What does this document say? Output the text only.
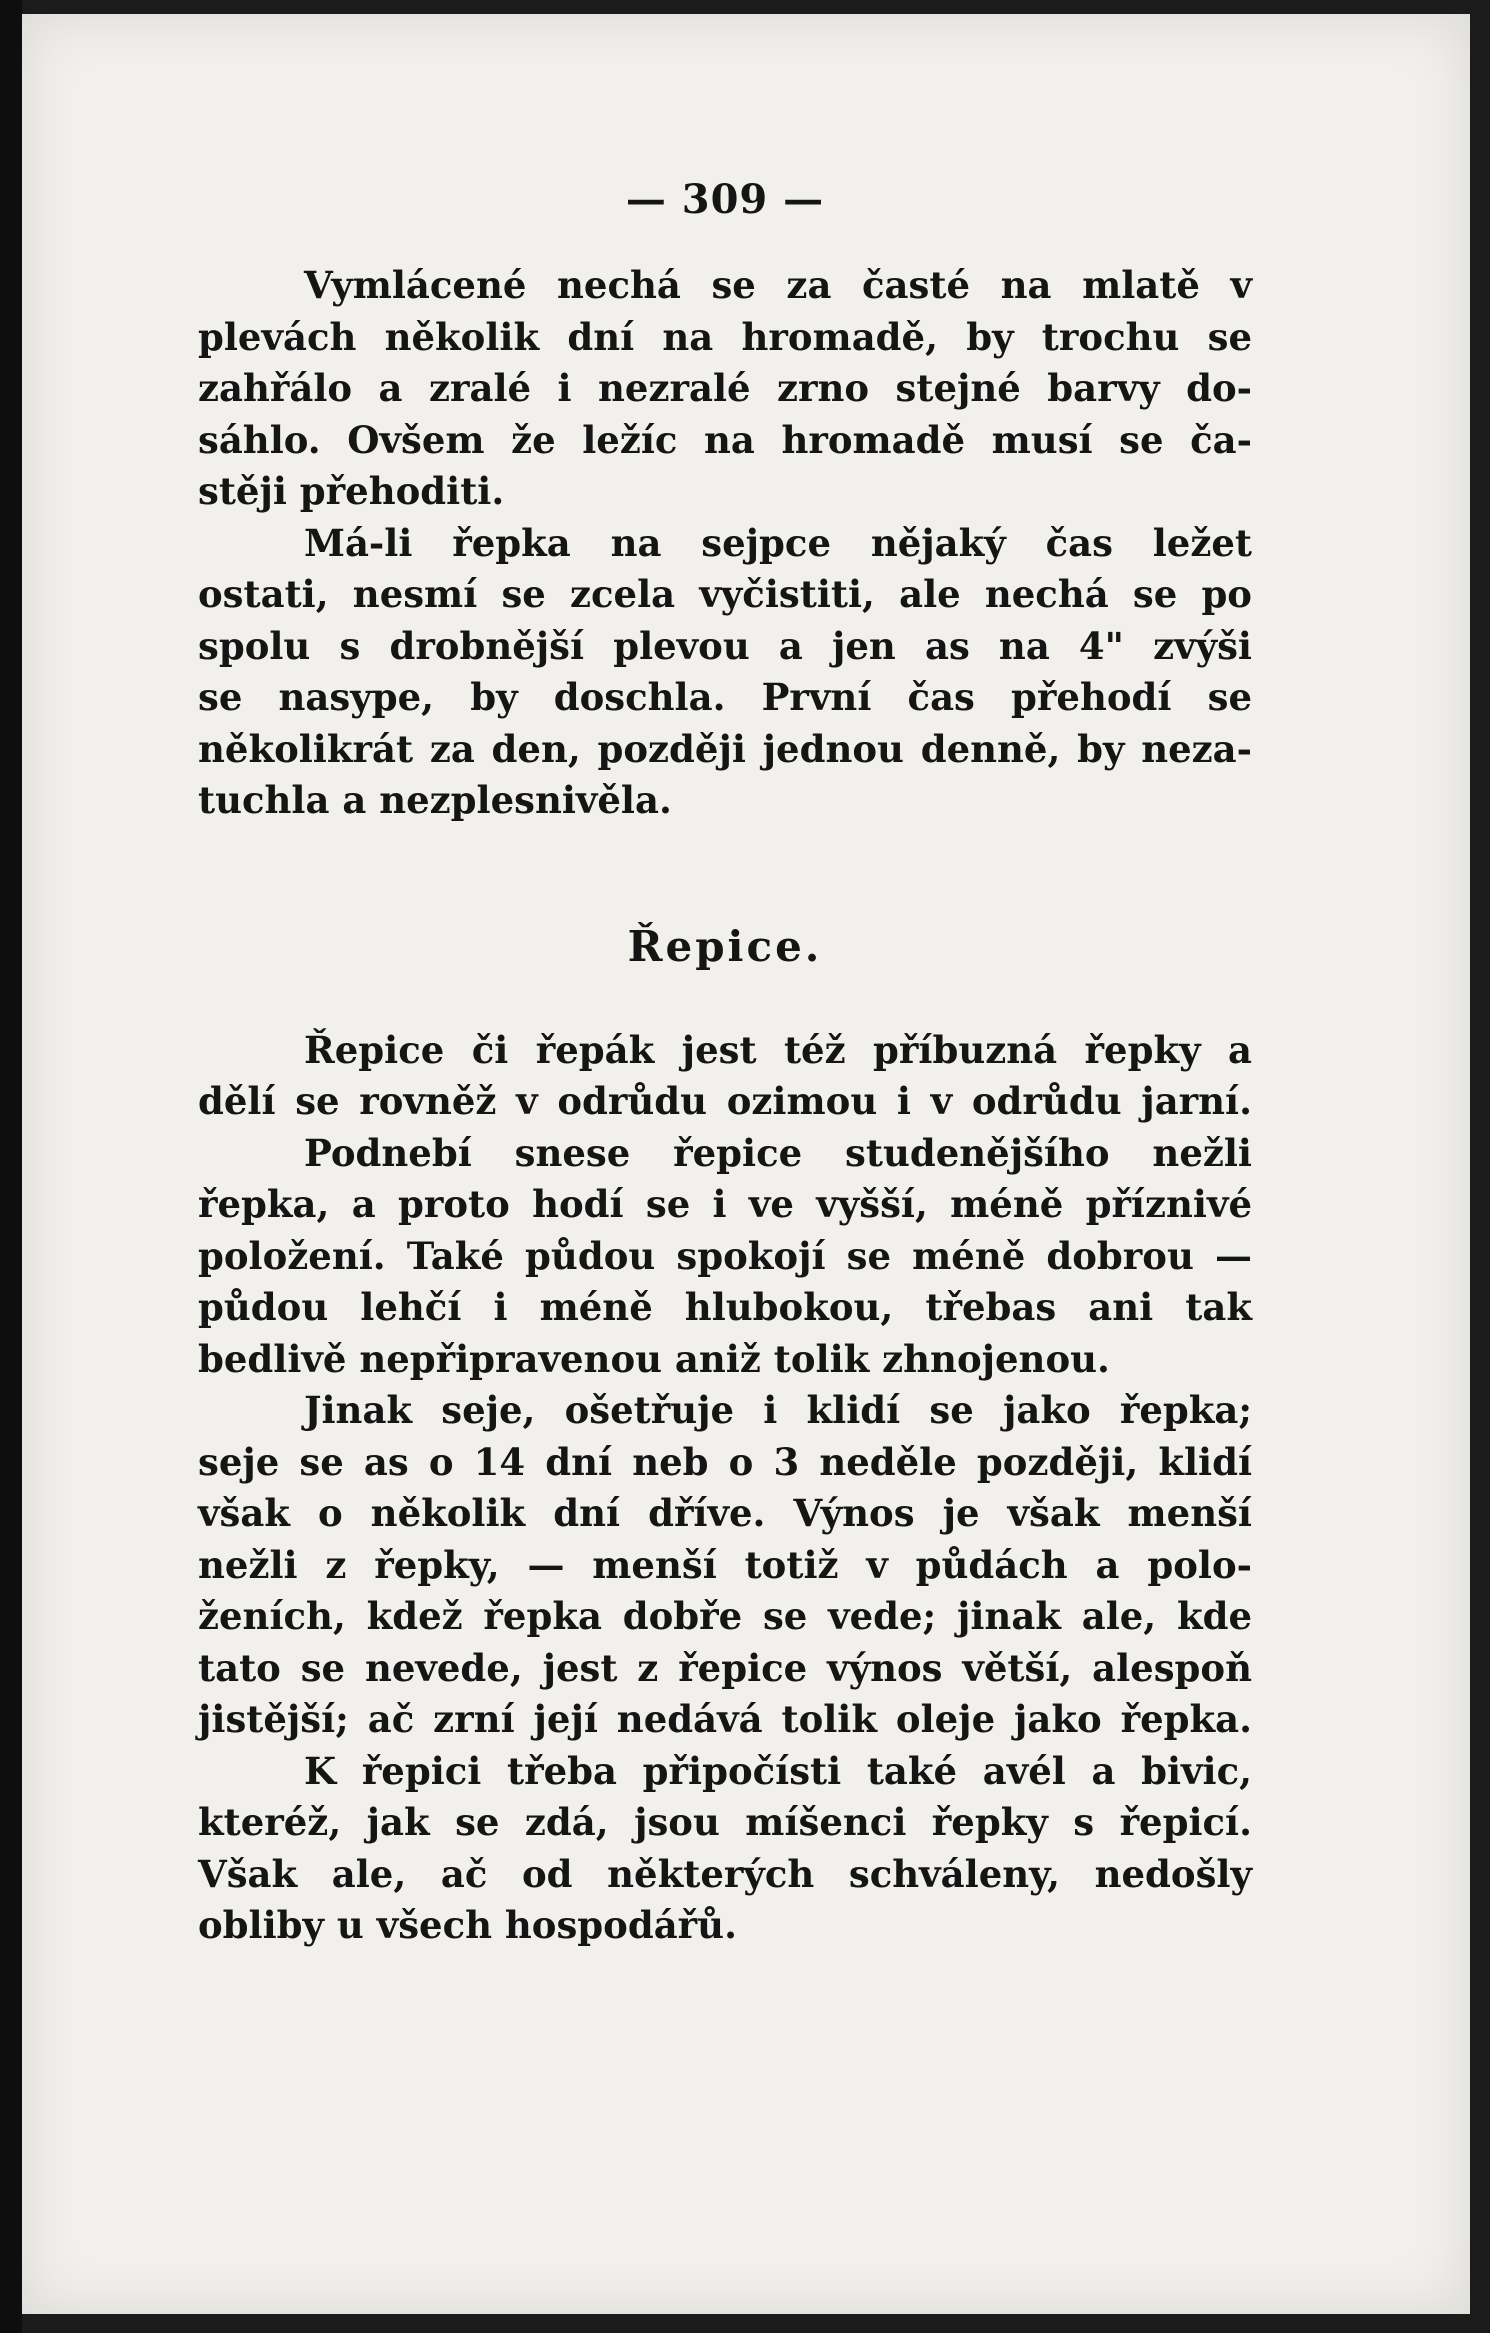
— 309 —
Vymlácené nechá se za časté na mlatě v
plevách několik dní na hromadě, by trochu se
zahřálo a zralé i nezralé zrno stejné barvy do-
sáhlo. Ovšem že ležíc na hromadě musí se ča-
stěji přehoditi.
Má-li řepka na sejpce nějaký čas ležet
ostati, nesmí se zcela vyčistiti, ale nechá se po
spolu s drobnější plevou a jen as na 4" zvýši
se nasype, by doschla. První čas přehodí se
několikrát za den, později jednou denně, by neza-
tuchla a nezplesnivěla.
Řepice.
Řepice či řepák jest též příbuzná řepky a
dělí se rovněž v odrůdu ozimou i v odrůdu jarní.
Podnebí snese řepice studenějšího nežli
řepka, a proto hodí se i ve vyšší, méně příznivé
položení. Také půdou spokojí se méně dobrou —
půdou lehčí i méně hlubokou, třebas ani tak
bedlivě nepřipravenou aniž tolik zhnojenou.
Jinak seje, ošetřuje i klidí se jako řepka;
seje se as o 14 dní neb o 3 neděle později, klidí
však o několik dní dříve. Výnos je však menší
nežli z řepky, — menší totiž v půdách a polo-
ženích, kdež řepka dobře se vede; jinak ale, kde
tato se nevede, jest z řepice výnos větší, alespoň
jistější; ač zrní její nedává tolik oleje jako řepka.
K řepici třeba připočísti také avél a bivic,
kteréž, jak se zdá, jsou míšenci řepky s řepicí.
Však ale, ač od některých schváleny, nedošly
obliby u všech hospodářů.
